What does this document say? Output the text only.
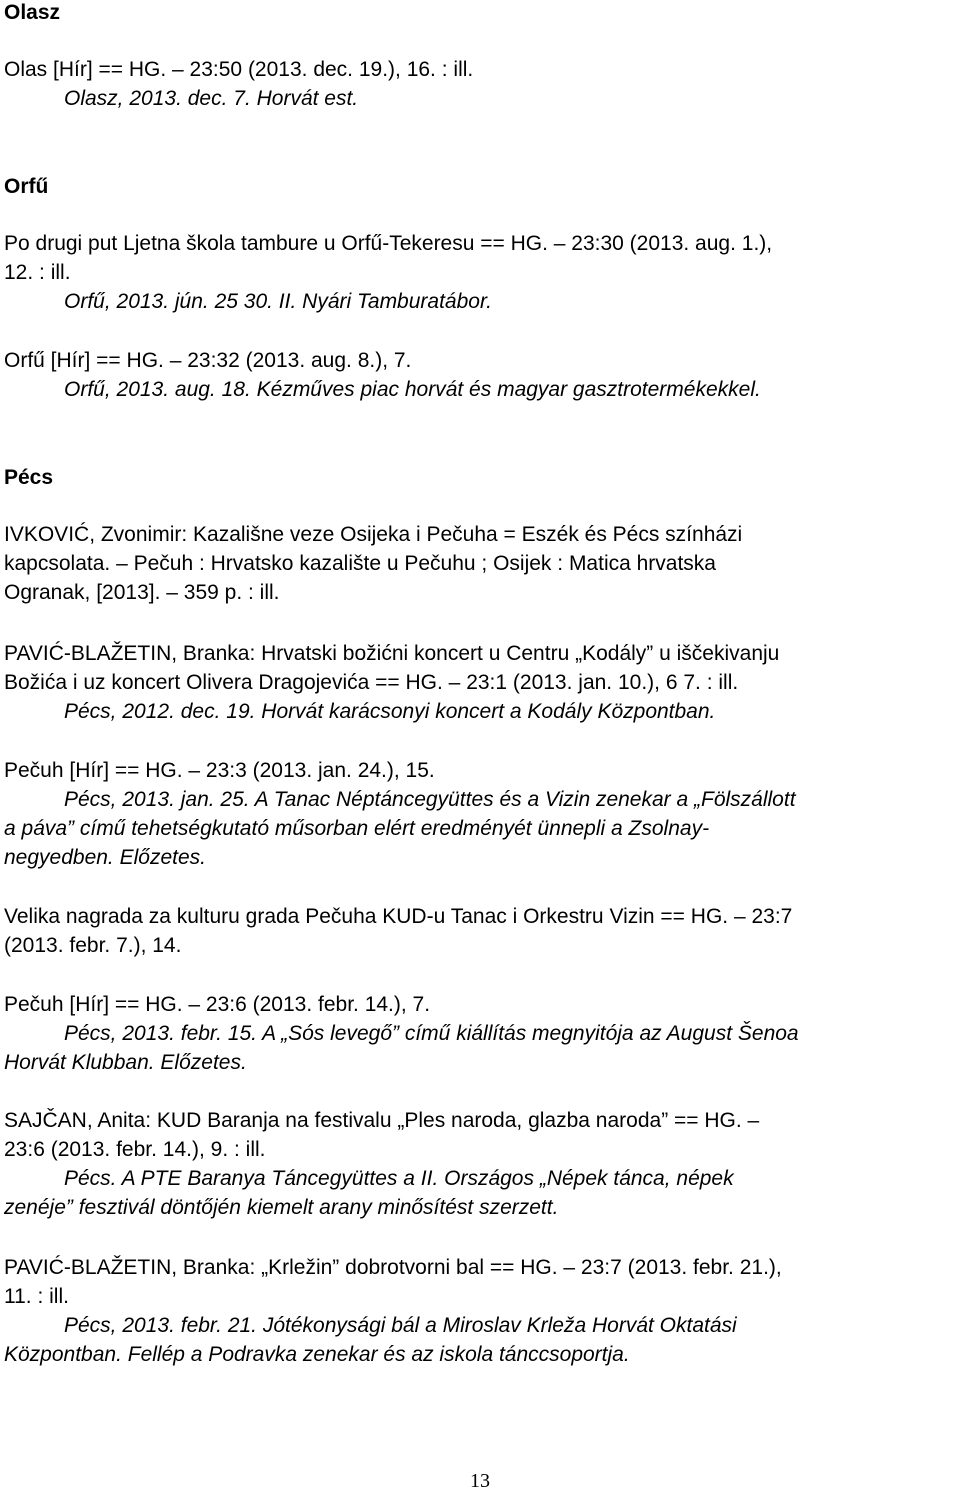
Olasz
Olas [Hír] == HG. – 23:50 (2013. dec. 19.), 16. : ill.
Olasz, 2013. dec. 7. Horvát est.
Orfű
Po drugi put Ljetna škola tambure u Orfű-Tekeresu == HG. – 23:30 (2013. aug. 1.),
12. : ill.
Orfű, 2013. jún. 25 30. II. Nyári Tamburatábor.
Orfű [Hír] == HG. – 23:32 (2013. aug. 8.), 7.
Orfű, 2013. aug. 18. Kézműves piac horvát és magyar gasztrotermékekkel.
Pécs
IVKOVIĆ, Zvonimir: Kazališne veze Osijeka i Pečuha = Eszék és Pécs színházi
kapcsolata. – Pečuh : Hrvatsko kazalište u Pečuhu ; Osijek : Matica hrvatska
Ogranak, [2013]. – 359 p. : ill.
PAVIĆ-BLAŽETIN, Branka: Hrvatski božićni koncert u Centru „Kodály” u iščekivanju
Božića i uz koncert Olivera Dragojevića == HG. – 23:1 (2013. jan. 10.), 6 7. : ill.
Pécs, 2012. dec. 19. Horvát karácsonyi koncert a Kodály Központban.
Pečuh [Hír] == HG. – 23:3 (2013. jan. 24.), 15.
Pécs, 2013. jan. 25. A Tanac Néptáncegyüttes és a Vizin zenekar a „Fölszállott
a páva” című tehetségkutató műsorban elért eredményét ünnepli a Zsolnay-
negyedben. Előzetes.
Velika nagrada za kulturu grada Pečuha KUD-u Tanac i Orkestru Vizin == HG. – 23:7
(2013. febr. 7.), 14.
Pečuh [Hír] == HG. – 23:6 (2013. febr. 14.), 7.
Pécs, 2013. febr. 15. A „Sós levegő” című kiállítás megnyitója az August Šenoa
Horvát Klubban. Előzetes.
SAJČAN, Anita: KUD Baranja na festivalu „Ples naroda, glazba naroda” == HG. –
23:6 (2013. febr. 14.), 9. : ill.
Pécs. A PTE Baranya Táncegyüttes a II. Országos „Népek tánca, népek
zenéje” fesztivál döntőjén kiemelt arany minősítést szerzett.
PAVIĆ-BLAŽETIN, Branka: „Krležin” dobrotvorni bal == HG. – 23:7 (2013. febr. 21.),
11. : ill.
Pécs, 2013. febr. 21. Jótékonysági bál a Miroslav Krleža Horvát Oktatási
Központban. Fellép a Podravka zenekar és az iskola tánccsoportja.
13
